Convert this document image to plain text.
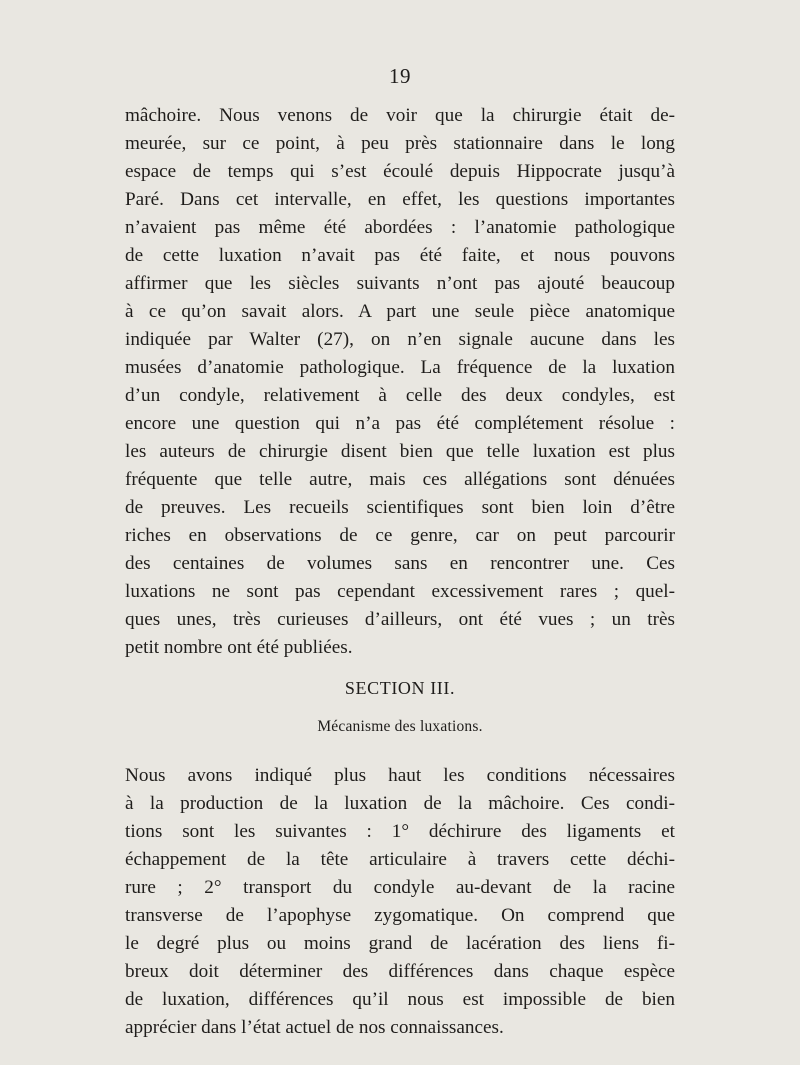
19
mâchoire. Nous venons de voir que la chirurgie était de-
meurée, sur ce point, à peu près stationnaire dans le long
espace de temps qui s’est écoulé depuis Hippocrate jusqu’à
Paré. Dans cet intervalle, en effet, les questions importantes
n’avaient pas même été abordées : l’anatomie pathologique
de cette luxation n’avait pas été faite, et nous pouvons
affirmer que les siècles suivants n’ont pas ajouté beaucoup
à ce qu’on savait alors. A part une seule pièce anatomique
indiquée par Walter (27), on n’en signale aucune dans les
musées d’anatomie pathologique. La fréquence de la luxation
d’un condyle, relativement à celle des deux condyles, est
encore une question qui n’a pas été complétement résolue :
les auteurs de chirurgie disent bien que telle luxation est plus
fréquente que telle autre, mais ces allégations sont dénuées
de preuves. Les recueils scientifiques sont bien loin d’être
riches en observations de ce genre, car on peut parcourir
des centaines de volumes sans en rencontrer une. Ces
luxations ne sont pas cependant excessivement rares ; quel-
ques unes, très curieuses d’ailleurs, ont été vues ; un très
petit nombre ont été publiées.
SECTION III.
Mécanisme des luxations.
Nous avons indiqué plus haut les conditions nécessaires
à la production de la luxation de la mâchoire. Ces condi-
tions sont les suivantes : 1° déchirure des ligaments et
échappement de la tête articulaire à travers cette déchi-
rure ; 2° transport du condyle au-devant de la racine
transverse de l’apophyse zygomatique. On comprend que
le degré plus ou moins grand de lacération des liens fi-
breux doit déterminer des différences dans chaque espèce
de luxation, différences qu’il nous est impossible de bien
apprécier dans l’état actuel de nos connaissances.
